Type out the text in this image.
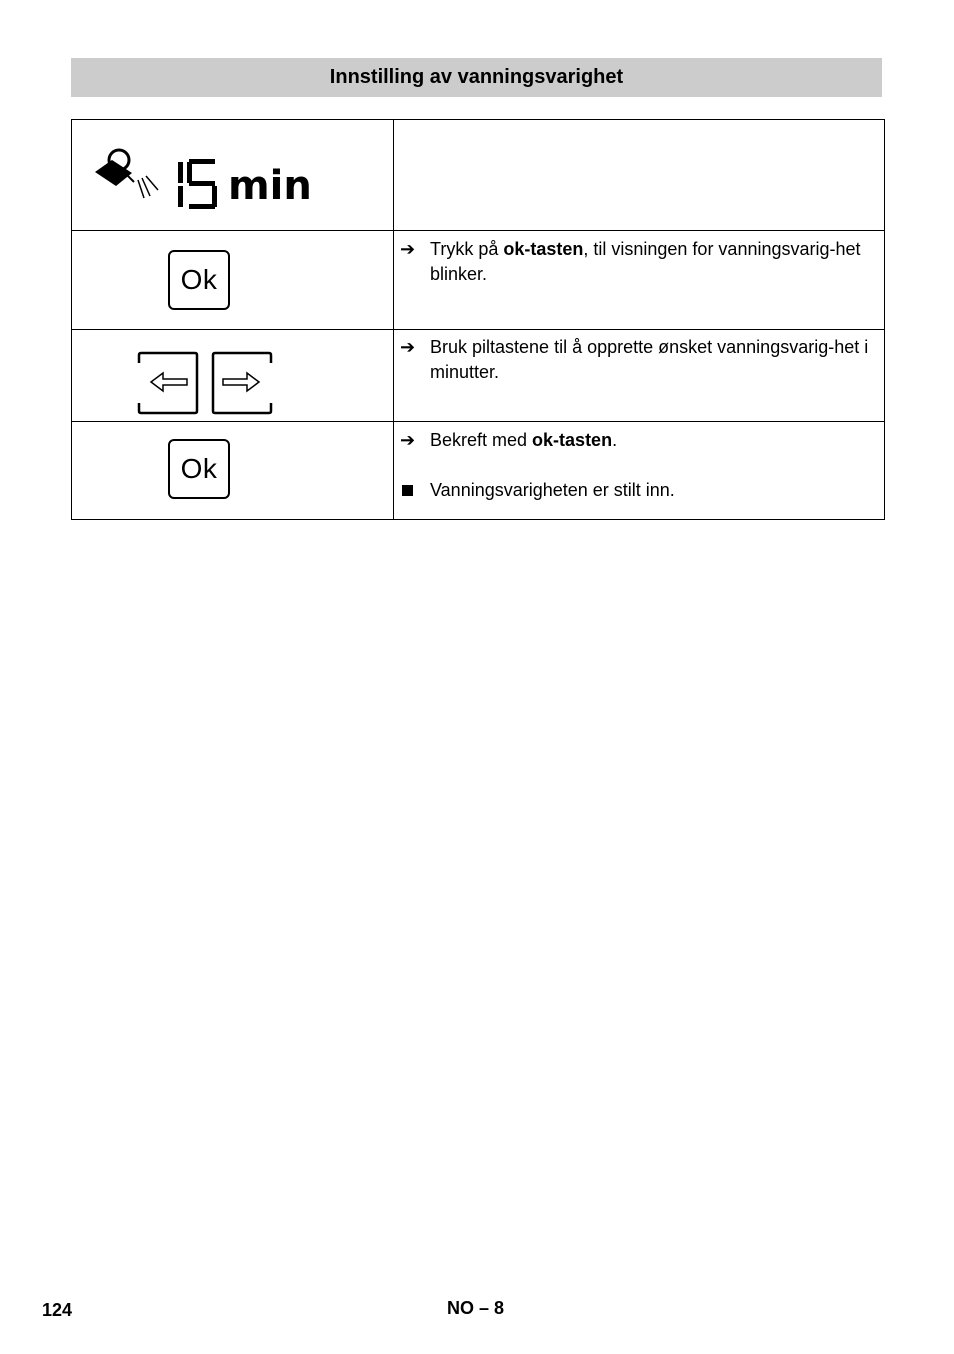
Innstilling av vanningsvarighet
min	

Ok	➔ Trykk på ok-tasten, til visningen for vanningsvarig-het blinker.

➔ Bruk piltastene til å opprette ønsket vanningsvarig-het i minutter.

Ok	➔ Bekreft med ok-tasten.
Vanningsvarigheten er stilt inn.
124	NO – 8
